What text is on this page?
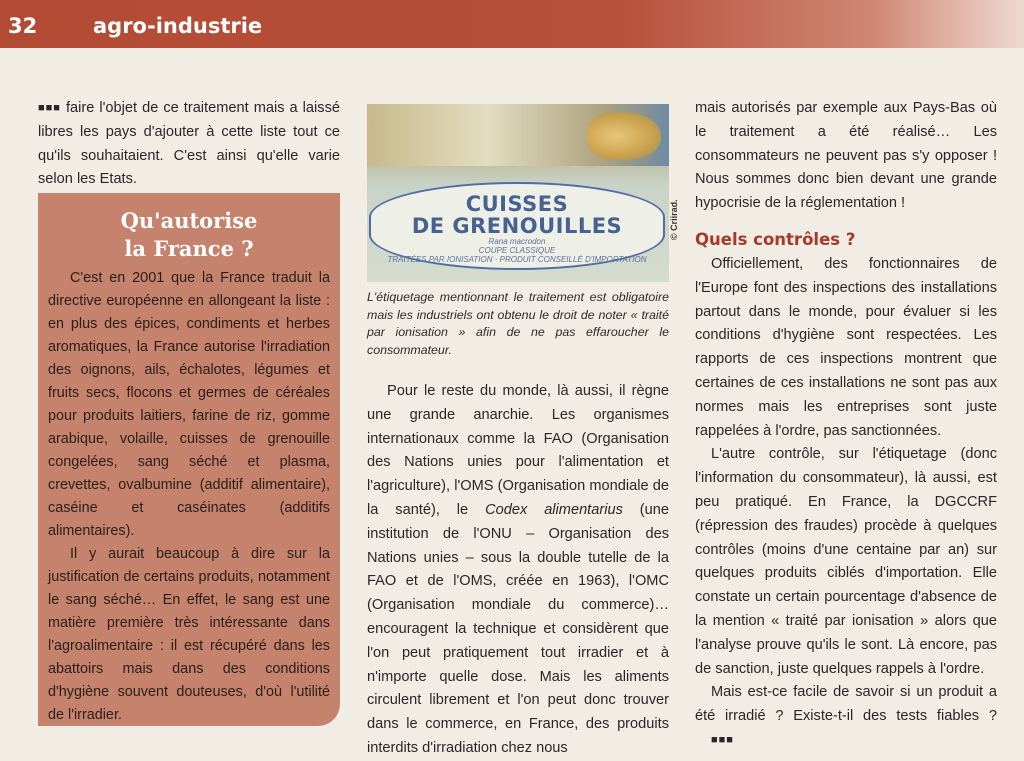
32	agro-industrie

■■■ faire l'objet de ce traitement mais a laissé libres les pays d'ajouter à cette liste tout ce qu'ils souhaitaient. C'est ainsi qu'elle varie selon les Etats.

Qu'autorise
la France ?

C'est en 2001 que la France traduit la directive européenne en allongeant la liste : en plus des épices, condiments et herbes aromatiques, la France autorise l'irradiation des oignons, ails, échalotes, légumes et fruits secs, flocons et germes de céréales pour produits laitiers, farine de riz, gomme arabique, volaille, cuisses de grenouille congelées, sang séché et plasma, crevettes, ovalbumine (additif alimentaire), caséine et caséinates (additifs alimentaires).

Il y aurait beaucoup à dire sur la justification de certains produits, notamment le sang séché… En effet, le sang est une matière première très intéressante dans l'agroalimentaire : il est récupéré dans les abattoirs mais dans des conditions d'hygiène souvent douteuses, d'où l'utilité de l'irradier.

CUISSES
DE GRENOUILLES
Rana macrodon
COUPE CLASSIQUE
TRAITÉES PAR IONISATION · PRODUIT CONSEILLÉ D'IMPORTATION
© Criirad.

L'étiquetage mentionnant le traitement est obligatoire mais les industriels ont obtenu le droit de noter « traité par ionisation » afin de ne pas effaroucher le consommateur.

Pour le reste du monde, là aussi, il règne une grande anarchie. Les organismes internationaux comme la FAO (Organisation des Nations unies pour l'alimentation et l'agriculture), l'OMS (Organisation mondiale de la santé), le Codex alimentarius (une institution de l'ONU – Organisation des Nations unies – sous la double tutelle de la FAO et de l'OMS, créée en 1963), l'OMC (Organisation mondiale du commerce)… encouragent la technique et considèrent que l'on peut pratiquement tout irradier et à n'importe quelle dose. Mais les aliments circulent librement et l'on peut donc trouver dans le commerce, en France, des produits interdits d'irradiation chez nous

mais autorisés par exemple aux Pays-Bas où le traitement a été réalisé… Les consommateurs ne peuvent pas s'y opposer ! Nous sommes donc bien devant une grande hypocrisie de la réglementation !

Quels contrôles ?

Officiellement, des fonctionnaires de l'Europe font des inspections des installations partout dans le monde, pour évaluer si les conditions d'hygiène sont respectées. Les rapports de ces inspections montrent que certaines de ces installations ne sont pas aux normes mais les entreprises sont juste rappelées à l'ordre, pas sanctionnées.

L'autre contrôle, sur l'étiquetage (donc l'information du consommateur), là aussi, est peu pratiqué. En France, la DGCCRF (répression des fraudes) procède à quelques contrôles (moins d'une centaine par an) sur quelques produits ciblés d'importation. Elle constate un certain pourcentage d'absence de la mention « traité par ionisation » alors que l'analyse prouve qu'ils le sont. Là encore, pas de sanction, juste quelques rappels à l'ordre.

Mais est-ce facile de savoir si un produit a été irradié ? Existe-t-il des tests fiables ? ■■■
